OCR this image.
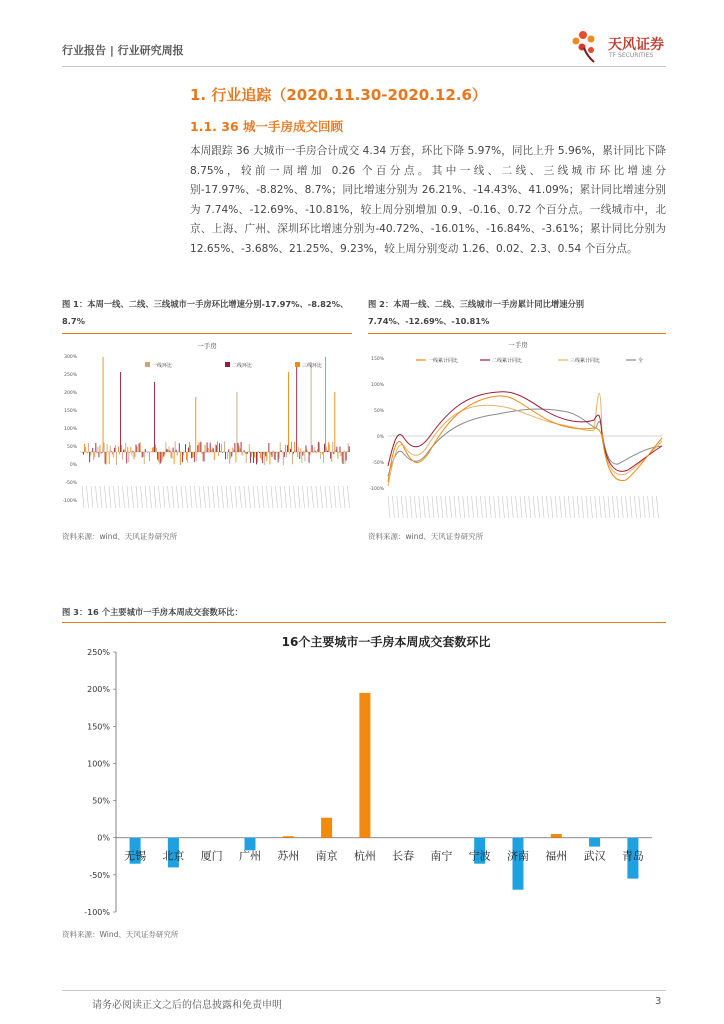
行业报告 | 行业研究周报	天风证券
TF SECURITIES
1. 行业追踪（2020.11.30-2020.12.6）
1.1. 36 城一手房成交回顾
本周跟踪 36 大城市一手房合计成交 4.34 万套，环比下降 5.97%，同比上升 5.96%，累计同比下降 8.75%，较前一周增加 0.26 个百分点。其中一线、二线、三线城市环比增速分别-17.97%、-8.82%、8.7%；同比增速分别为 26.21%、-14.43%、41.09%；累计同比增速分别为 7.74%、-12.69%、-10.81%，较上周分别增加 0.9、-0.16、0.72 个百分点。一线城市中，北京、上海、广州、深圳环比增速分别为-40.72%、-16.01%、-16.84%、-3.61%；累计同比分别为 12.65%、-3.68%、21.25%、9.23%，较上周分别变动 1.26、0.02、2.3、0.54 个百分点。
图 1：本周一线、二线、三线城市一手房环比增速分别-17.97%、-8.82%、8.7%
一手房
300%
250%
200%
150%
100%
50%
0%
-50%
-100%
一线环比	二线环比	三线环比
资料来源：wind、天风证券研究所
图 2：本周一线、二线、三线城市一手房累计同比增速分别 7.74%、-12.69%、-10.81%
一手房
150%
100%
50%
0%
-50%
-100%
一线累计同比	二线累计同比	三线累计同比	全
资料来源：wind、天风证券研究所
图 3：16 个主要城市一手房本周成交套数环比：
16个主要城市一手房本周成交套数环比
250%
200%
150%
100%
50%
0%
-50%
-100%
无锡 北京 厦门 广州 苏州 南京 杭州 长春 南宁 宁波 济南 福州 武汉 青岛
资料来源：Wind、天风证券研究所
请务必阅读正文之后的信息披露和免责申明	3
